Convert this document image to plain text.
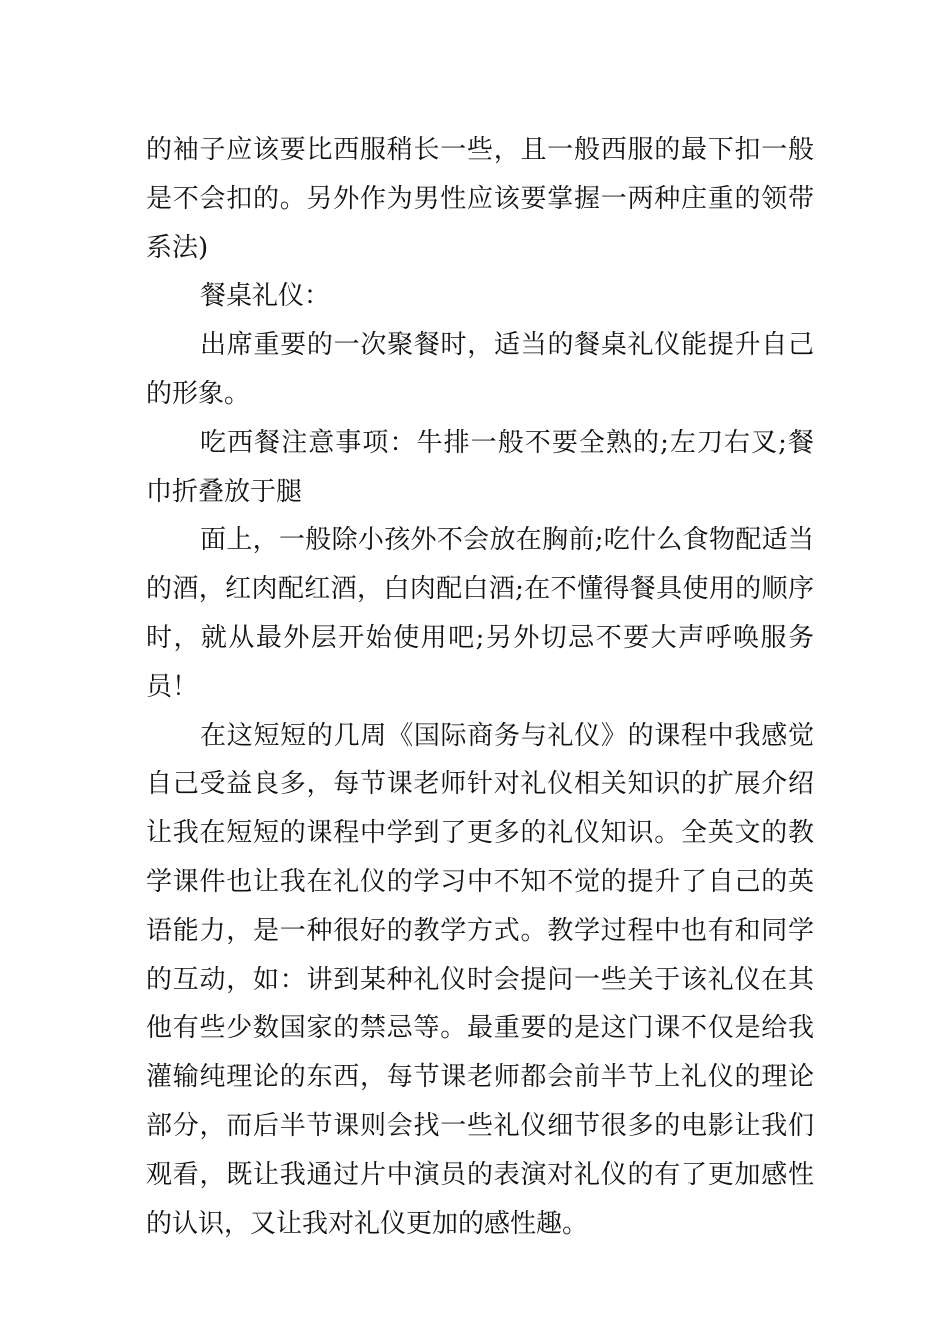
的袖子应该要比西服稍长一些，且一般西服的最下扣一般是不会扣的。另外作为男性应该要掌握一两种庄重的领带系法)

餐桌礼仪：

出席重要的一次聚餐时，适当的餐桌礼仪能提升自己的形象。

吃西餐注意事项：牛排一般不要全熟的;左刀右叉;餐巾折叠放于腿

面上，一般除小孩外不会放在胸前;吃什么食物配适当的酒，红肉配红酒，白肉配白酒;在不懂得餐具使用的顺序时，就从最外层开始使用吧;另外切忌不要大声呼唤服务员！

在这短短的几周《国际商务与礼仪》的课程中我感觉自己受益良多，每节课老师针对礼仪相关知识的扩展介绍让我在短短的课程中学到了更多的礼仪知识。全英文的教学课件也让我在礼仪的学习中不知不觉的提升了自己的英语能力，是一种很好的教学方式。教学过程中也有和同学的互动，如：讲到某种礼仪时会提问一些关于该礼仪在其他有些少数国家的禁忌等。最重要的是这门课不仅是给我灌输纯理论的东西，每节课老师都会前半节上礼仪的理论部分，而后半节课则会找一些礼仪细节很多的电影让我们观看，既让我通过片中演员的表演对礼仪的有了更加感性的认识，又让我对礼仪更加的感性趣。
